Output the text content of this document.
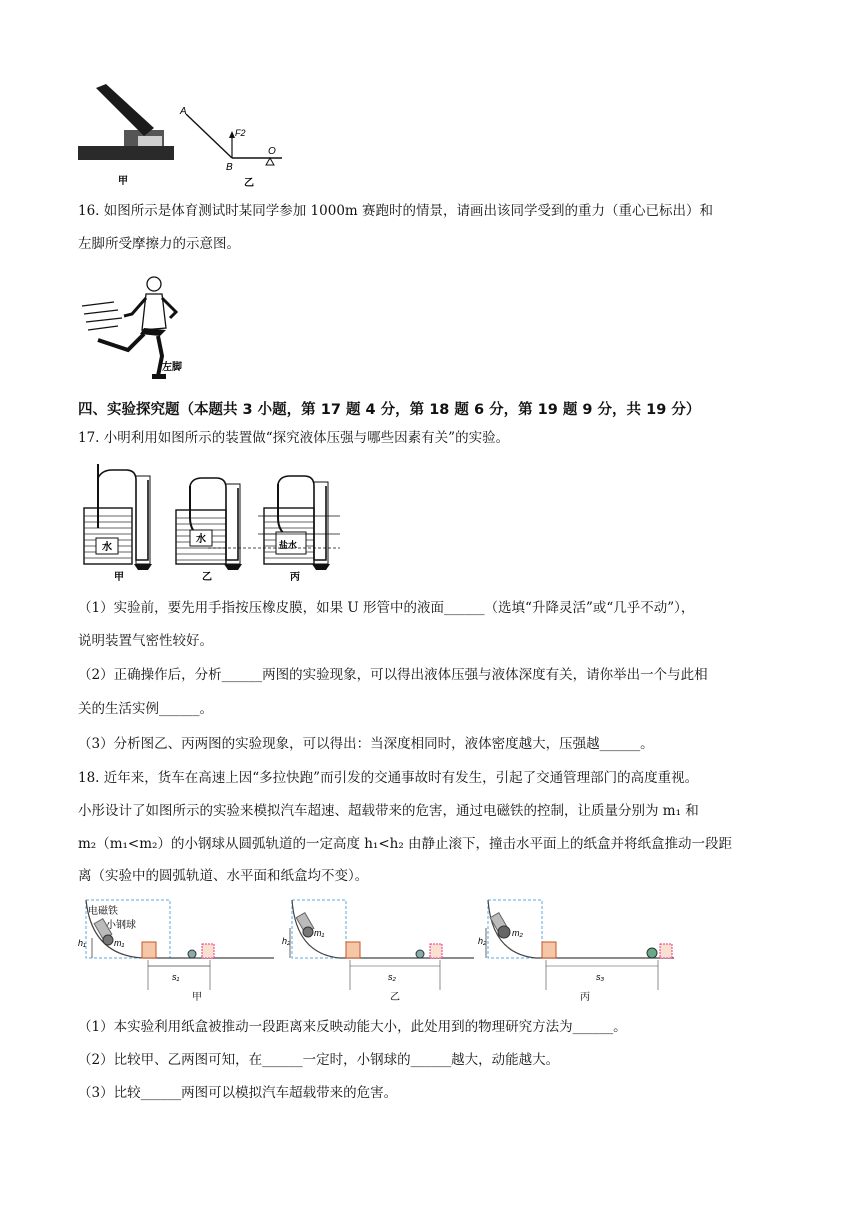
A
B
O
F2
甲	乙
16. 如图所示是体育测试时某同学参加 1000m 赛跑时的情景，请画出该同学受到的重力（重心已标出）和
左脚所受摩擦力的示意图。
左脚
四、实验探究题（本题共 3 小题，第 17 题 4 分，第 18 题 6 分，第 19 题 9 分，共 19 分）
17. 小明利用如图所示的装置做“探究液体压强与哪些因素有关”的实验。
水
甲
水
乙
盐水
丙
（1）实验前，要先用手指按压橡皮膜，如果 U 形管中的液面______（选填“升降灵活”或“几乎不动”），
说明装置气密性较好。
（2）正确操作后，分析______两图的实验现象，可以得出液体压强与液体深度有关，请你举出一个与此相
关的生活实例______。
（3）分析图乙、丙两图的实验现象，可以得出：当深度相同时，液体密度越大，压强越______。
18. 近年来，货车在高速上因“多拉快跑”而引发的交通事故时有发生，引起了交通管理部门的高度重视。
小彤设计了如图所示的实验来模拟汽车超速、超载带来的危害，通过电磁铁的控制，让质量分别为 m₁ 和
m₂（m₁<m₂）的小钢球从圆弧轨道的一定高度 h₁<h₂ 由静止滚下，撞击水平面上的纸盒并将纸盒推动一段距
离（实验中的圆弧轨道、水平面和纸盒均不变）。
电磁铁
小钢球
m₁
h₁
s₁
甲
m₁
h₂
s₂
乙
m₂
h₂
s₃
丙
（1）本实验利用纸盒被推动一段距离来反映动能大小，此处用到的物理研究方法为______。
（2）比较甲、乙两图可知，在______一定时，小钢球的______越大，动能越大。
（3）比较______两图可以模拟汽车超载带来的危害。
